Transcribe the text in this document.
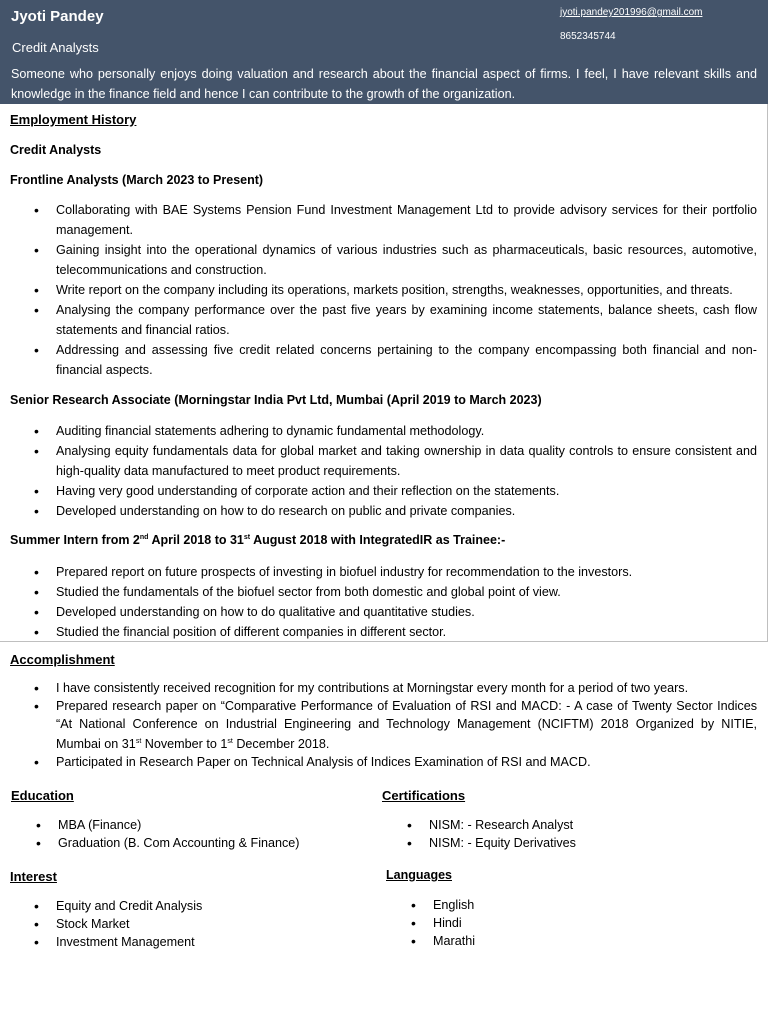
Jyoti Pandey
Credit Analysts
jyoti.pandey201996@gmail.com
8652345744
Someone who personally enjoys doing valuation and research about the financial aspect of firms. I feel, I have relevant skills and knowledge in the finance field and hence I can contribute to the growth of the organization.
Employment History
Credit Analysts
Frontline Analysts (March 2023 to Present)
• Collaborating with BAE Systems Pension Fund Investment Management Ltd to provide advisory services for their portfolio management.
• Gaining insight into the operational dynamics of various industries such as pharmaceuticals, basic resources, automotive, telecommunications and construction.
• Write report on the company including its operations, markets position, strengths, weaknesses, opportunities, and threats.
• Analysing the company performance over the past five years by examining income statements, balance sheets, cash flow statements and financial ratios.
• Addressing and assessing five credit related concerns pertaining to the company encompassing both financial and non-financial aspects.
Senior Research Associate (Morningstar India Pvt Ltd, Mumbai (April 2019 to March 2023)
• Auditing financial statements adhering to dynamic fundamental methodology.
• Analysing equity fundamentals data for global market and taking ownership in data quality controls to ensure consistent and high-quality data manufactured to meet product requirements.
• Having very good understanding of corporate action and their reflection on the statements.
• Developed understanding on how to do research on public and private companies.
Summer Intern from 2nd April 2018 to 31st August 2018 with IntegratedIR as Trainee:-
• Prepared report on future prospects of investing in biofuel industry for recommendation to the investors.
• Studied the fundamentals of the biofuel sector from both domestic and global point of view.
• Developed understanding on how to do qualitative and quantitative studies.
• Studied the financial position of different companies in different sector.
Accomplishment
• I have consistently received recognition for my contributions at Morningstar every month for a period of two years.
• Prepared research paper on “Comparative Performance of Evaluation of RSI and MACD: - A case of Twenty Sector Indices “At National Conference on Industrial Engineering and Technology Management (NCIFTM) 2018 Organized by NITIE, Mumbai on 31st November to 1st December 2018.
• Participated in Research Paper on Technical Analysis of Indices Examination of RSI and MACD.
Education
• MBA (Finance)
• Graduation (B. Com Accounting & Finance)
Certifications
• NISM: - Research Analyst
• NISM: - Equity Derivatives
Interest
• Equity and Credit Analysis
• Stock Market
• Investment Management
Languages
• English
• Hindi
• Marathi
